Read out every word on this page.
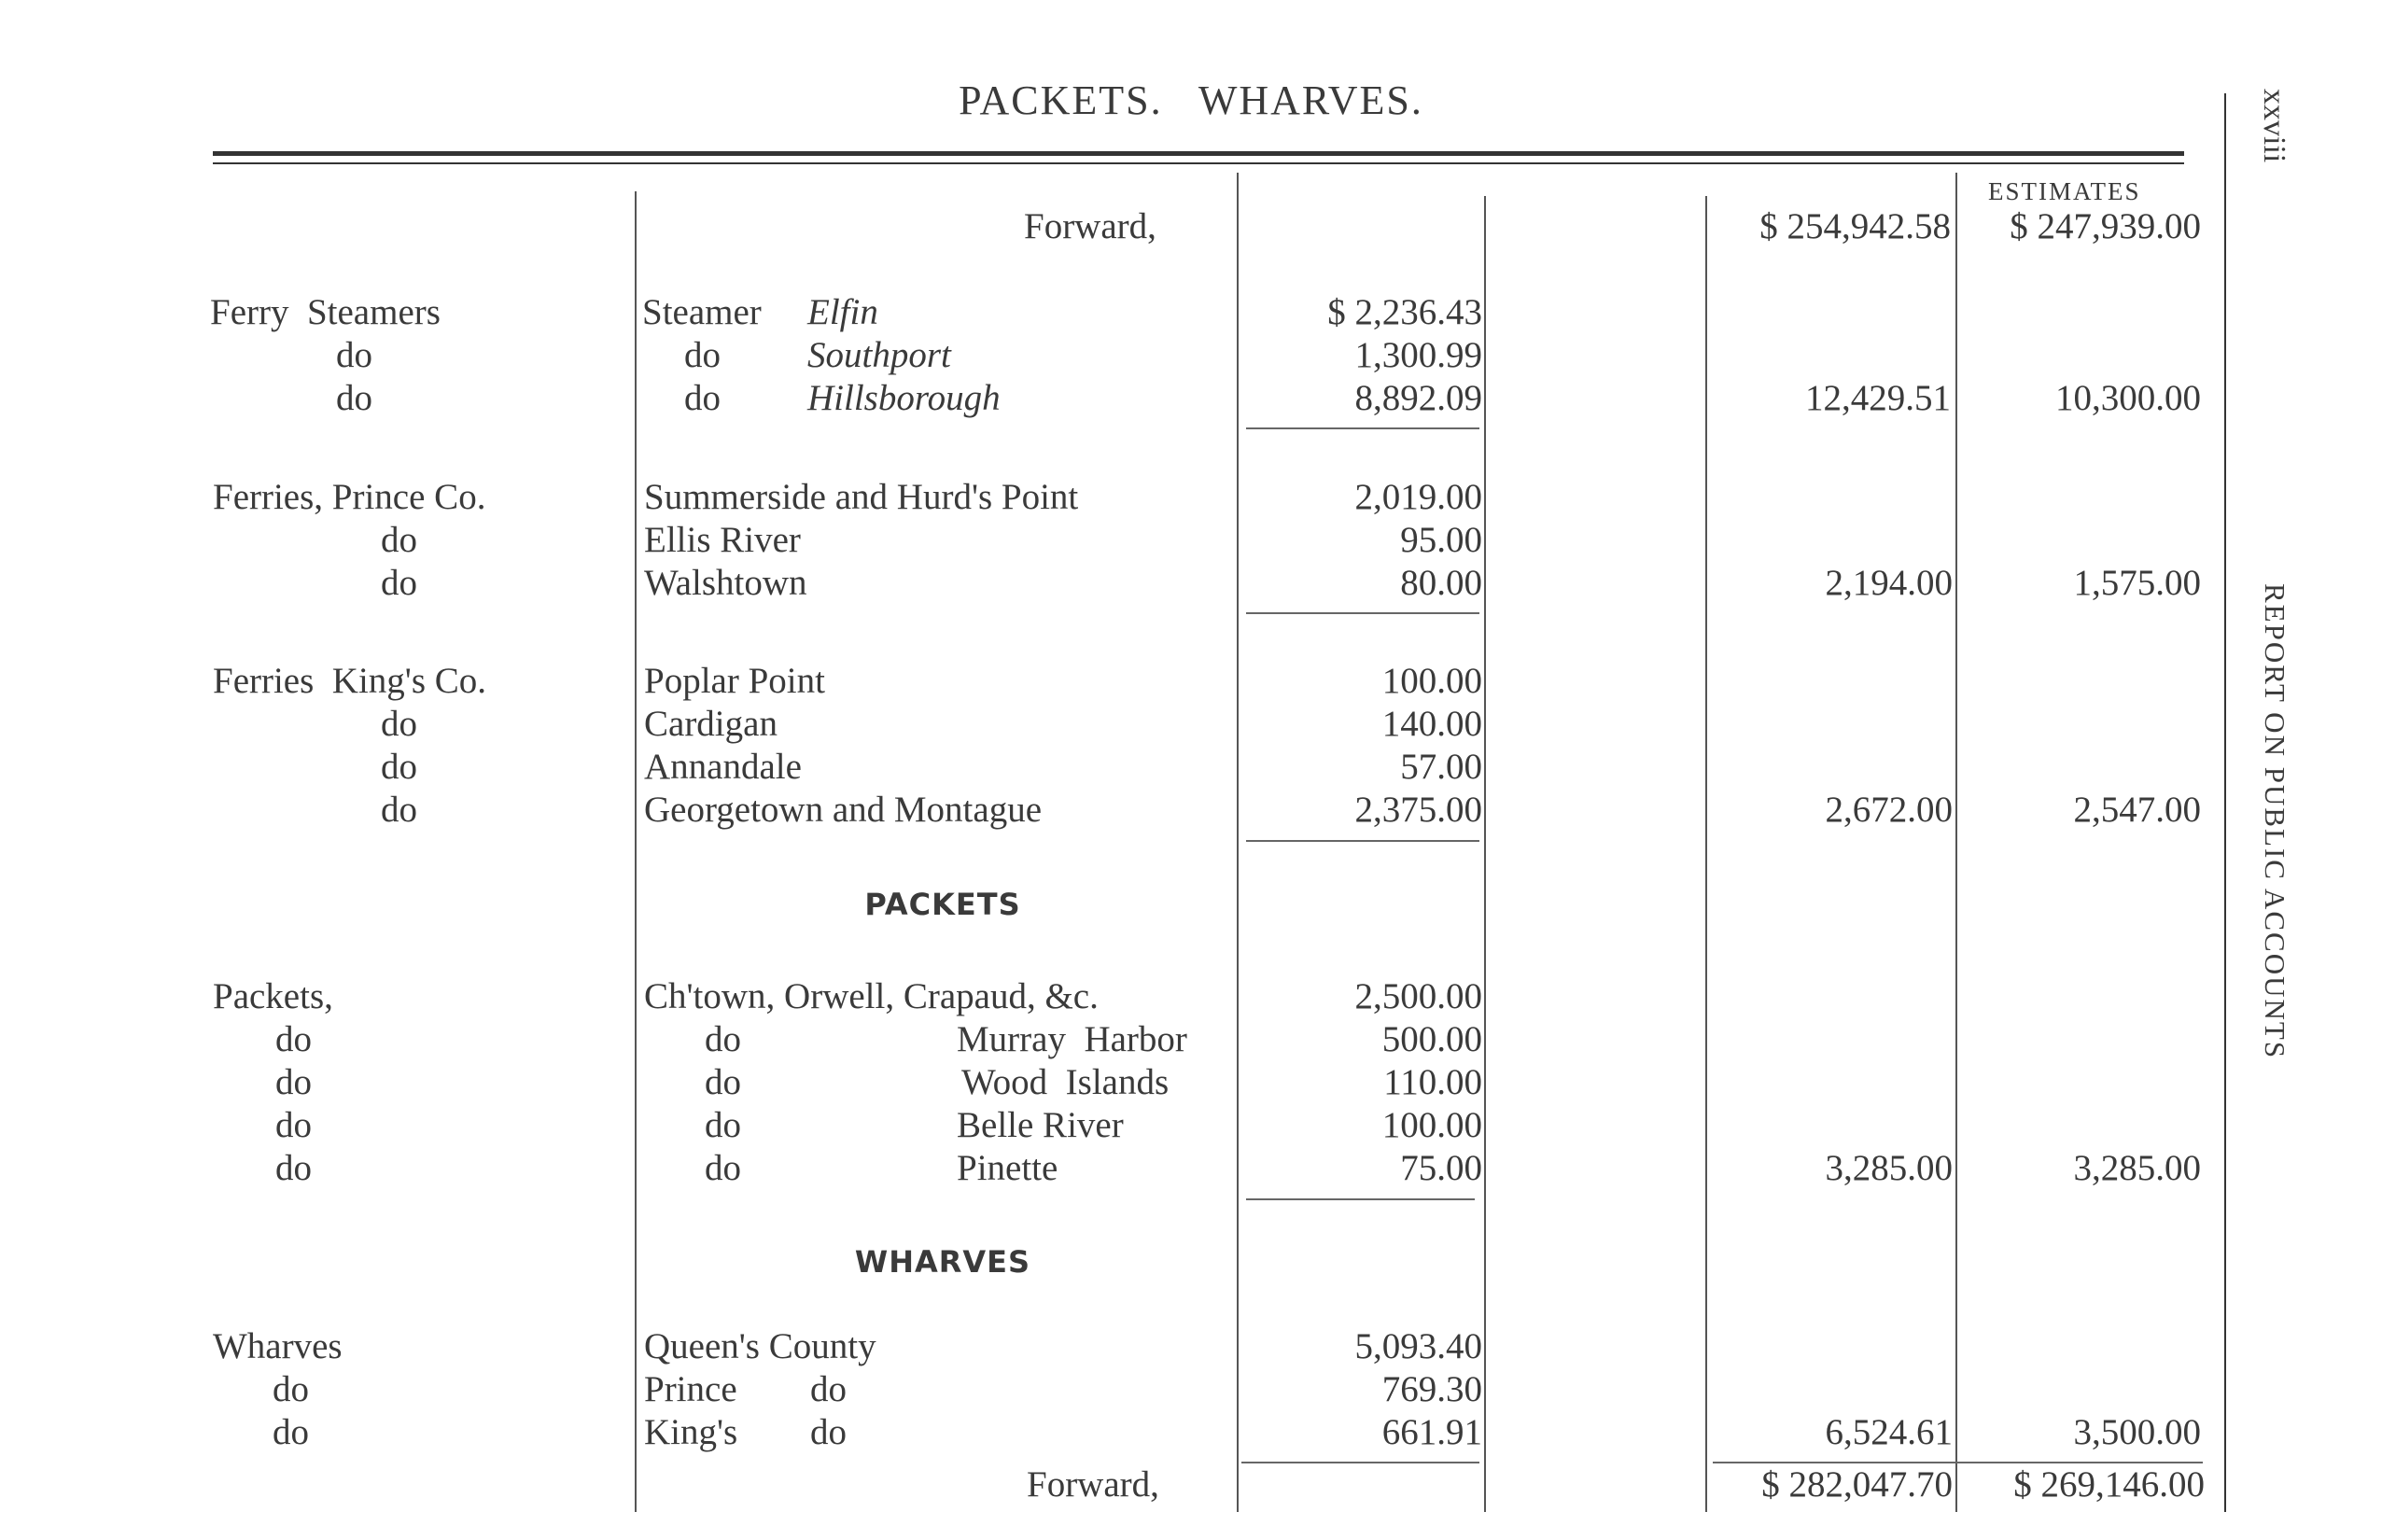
PACKETS.   WHARVES.	xxviii
REPORT ON PUBLIC ACCOUNTS
ESTIMATES
Forward,	$ 254,942.58	$ 247,939.00
Ferry  Steamers	Steamer Elfin	$ 2,236.43
do	do Southport	1,300.99
do	do Hillsborough	8,892.09	12,429.51	10,300.00
Ferries, Prince Co.	Summerside and Hurd's Point	2,019.00
do	Ellis River	95.00
do	Walshtown	80.00	2,194.00	1,575.00
Ferries  King's Co.	Poplar Point	100.00
do	Cardigan	140.00
do	Annandale	57.00
do	Georgetown and Montague	2,375.00	2,672.00	2,547.00
PACKETS
Packets,	Ch'town, Orwell, Crapaud, &c.	2,500.00
do	do	Murray  Harbor	500.00
do	do	Wood  Islands	110.00
do	do	Belle River	100.00
do	do	Pinette	75.00	3,285.00	3,285.00
WHARVES
Wharves	Queen's County	5,093.40
do	Prince do	769.30
do	King's do	661.91	6,524.61	3,500.00
Forward,	$ 282,047.70	$ 269,146.00
